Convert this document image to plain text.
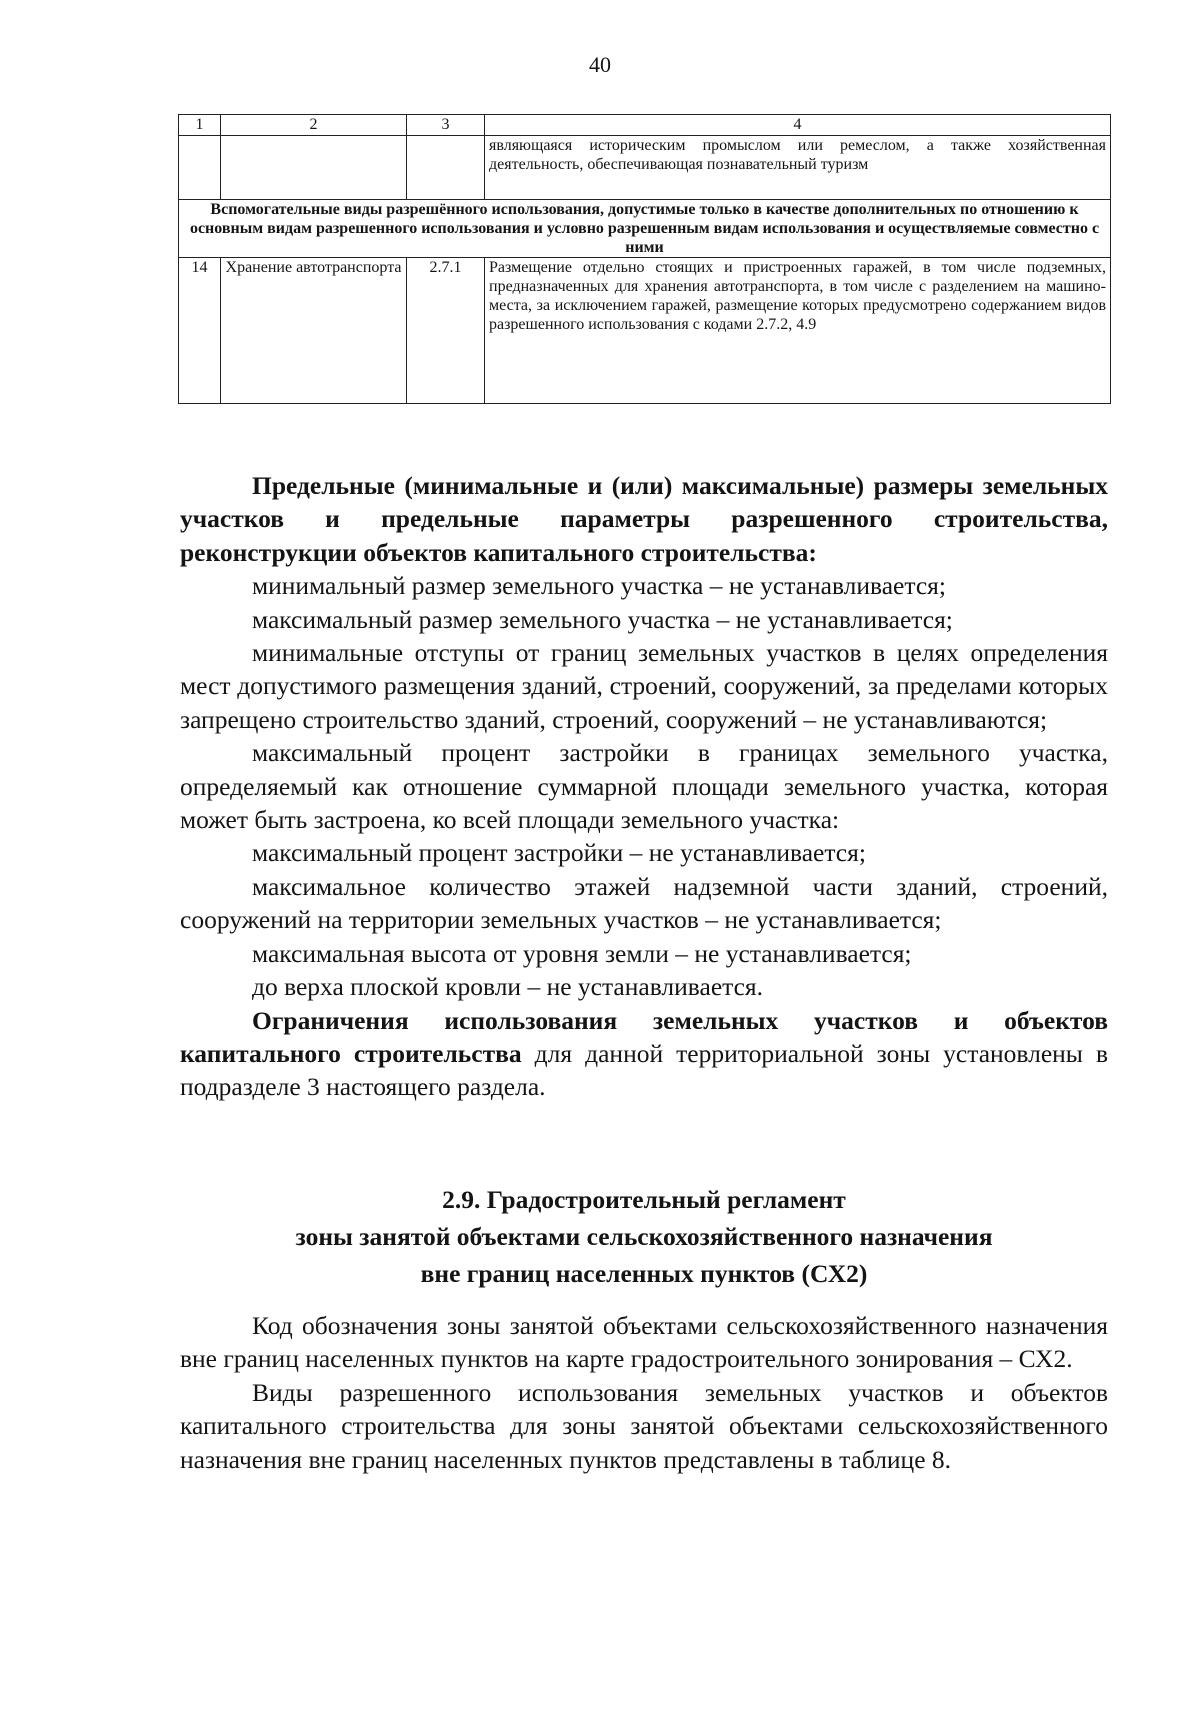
40
1	2	3	4
			являющаяся историческим промыслом или ремеслом, а также хозяйственная деятельность, обеспечивающая познавательный туризм
Вспомогательные виды разрешённого использования, допустимые только в качестве дополнительных по отношению к основным видам разрешенного использования и условно разрешенным видам использования и осуществляемые совместно с ними			
14	Хранение автотранспорта	2.7.1	Размещение отдельно стоящих и пристроенных гаражей, в том числе подземных, предназначенных для хранения автотранспорта, в том числе с разделением на машино-места, за исключением гаражей, размещение которых предусмотрено содержанием видов разрешенного использования с кодами 2.7.2, 4.9

Предельные (минимальные и (или) максимальные) размеры земельных участков и предельные параметры разрешенного строительства, реконструкции объектов капитального строительства:

минимальный размер земельного участка – не устанавливается;

максимальный размер земельного участка – не устанавливается;

минимальные отступы от границ земельных участков в целях определения мест допустимого размещения зданий, строений, сооружений, за пределами которых запрещено строительство зданий, строений, сооружений – не устанавливаются;

максимальный процент застройки в границах земельного участка, определяемый как отношение суммарной площади земельного участка, которая может быть застроена, ко всей площади земельного участка:

максимальный процент застройки – не устанавливается;

максимальное количество этажей надземной части зданий, строений, сооружений на территории земельных участков – не устанавливается;

максимальная высота от уровня земли – не устанавливается;

до верха плоской кровли – не устанавливается.

Ограничения использования земельных участков и объектов капитального строительства для данной территориальной зоны установлены в подразделе 3 настоящего раздела.

2.9. Градостроительный регламент
зоны занятой объектами сельскохозяйственного назначения
вне границ населенных пунктов (СХ2)

Код обозначения зоны занятой объектами сельскохозяйственного назначения вне границ населенных пунктов на карте градостроительного зонирования – СХ2.

Виды разрешенного использования земельных участков и объектов капитального строительства для зоны занятой объектами сельскохозяйственного назначения вне границ населенных пунктов представлены в таблице 8.
